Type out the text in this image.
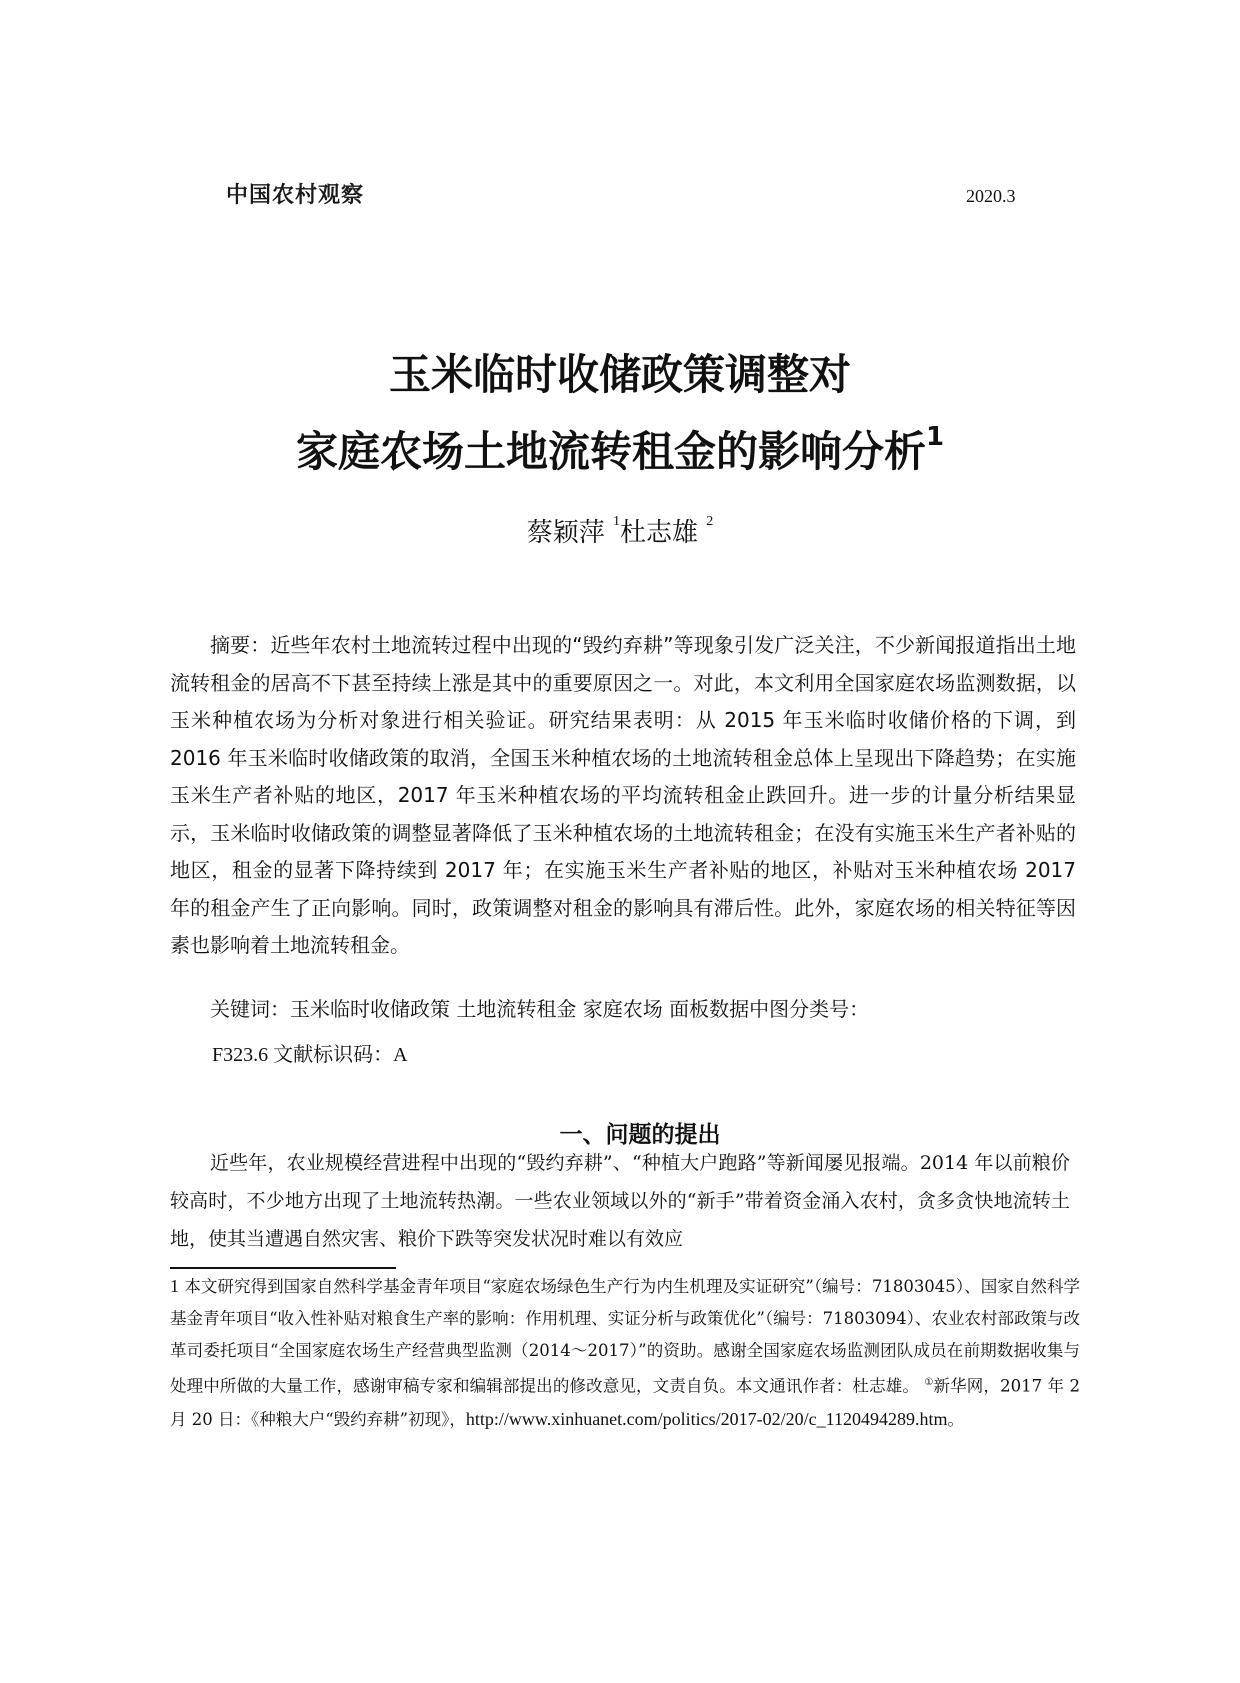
中国农村观察	2020.3
玉米临时收储政策调整对
家庭农场土地流转租金的影响分析$^1$
蔡颖萍 $^1$杜志雄 $^2$

摘要：近些年农村土地流转过程中出现的“毁约弃耕”等现象引发广泛关注，不少新闻报道指出土地流转租金的居高不下甚至持续上涨是其中的重要原因之一。对此，本文利用全国家庭农场监测数据，以玉米种植农场为分析对象进行相关验证。研究结果表明：从 2015 年玉米临时收储价格的下调，到 2016 年玉米临时收储政策的取消，全国玉米种植农场的土地流转租金总体上呈现出下降趋势；在实施玉米生产者补贴的地区，2017 年玉米种植农场的平均流转租金止跌回升。进一步的计量分析结果显示，玉米临时收储政策的调整显著降低了玉米种植农场的土地流转租金；在没有实施玉米生产者补贴的地区，租金的显著下降持续到 2017 年；在实施玉米生产者补贴的地区，补贴对玉米种植农场 2017 年的租金产生了正向影响。同时，政策调整对租金的影响具有滞后性。此外，家庭农场的相关特征等因素也影响着土地流转租金。

关键词：玉米临时收储政策 土地流转租金 家庭农场 面板数据中图分类号：
F323.6 文献标识码：A
一、问题的提出

近些年，农业规模经营进程中出现的“毁约弃耕”、“种植大户跑路”等新闻屡见报端。2014 年以前粮价较高时，不少地方出现了土地流转热潮。一些农业领域以外的“新手”带着资金涌入农村，贪多贪快地流转土地，使其当遭遇自然灾害、粮价下跌等突发状况时难以有效应

1 本文研究得到国家自然科学基金青年项目“家庭农场绿色生产行为内生机理及实证研究”（编号：71803045）、国家自然科学基金青年项目“收入性补贴对粮食生产率的影响：作用机理、实证分析与政策优化”（编号：71803094）、农业农村部政策与改革司委托项目“全国家庭农场生产经营典型监测（2014～2017）”的资助。感谢全国家庭农场监测团队成员在前期数据收集与处理中所做的大量工作，感谢审稿专家和编辑部提出的修改意见，文责自负。本文通讯作者：杜志雄。 ①新华网，2017 年 2 月 20 日：《种粮大户“毁约弃耕”初现》，http://www.xinhuanet.com/politics/2017-02/20/c_1120494289.htm。
